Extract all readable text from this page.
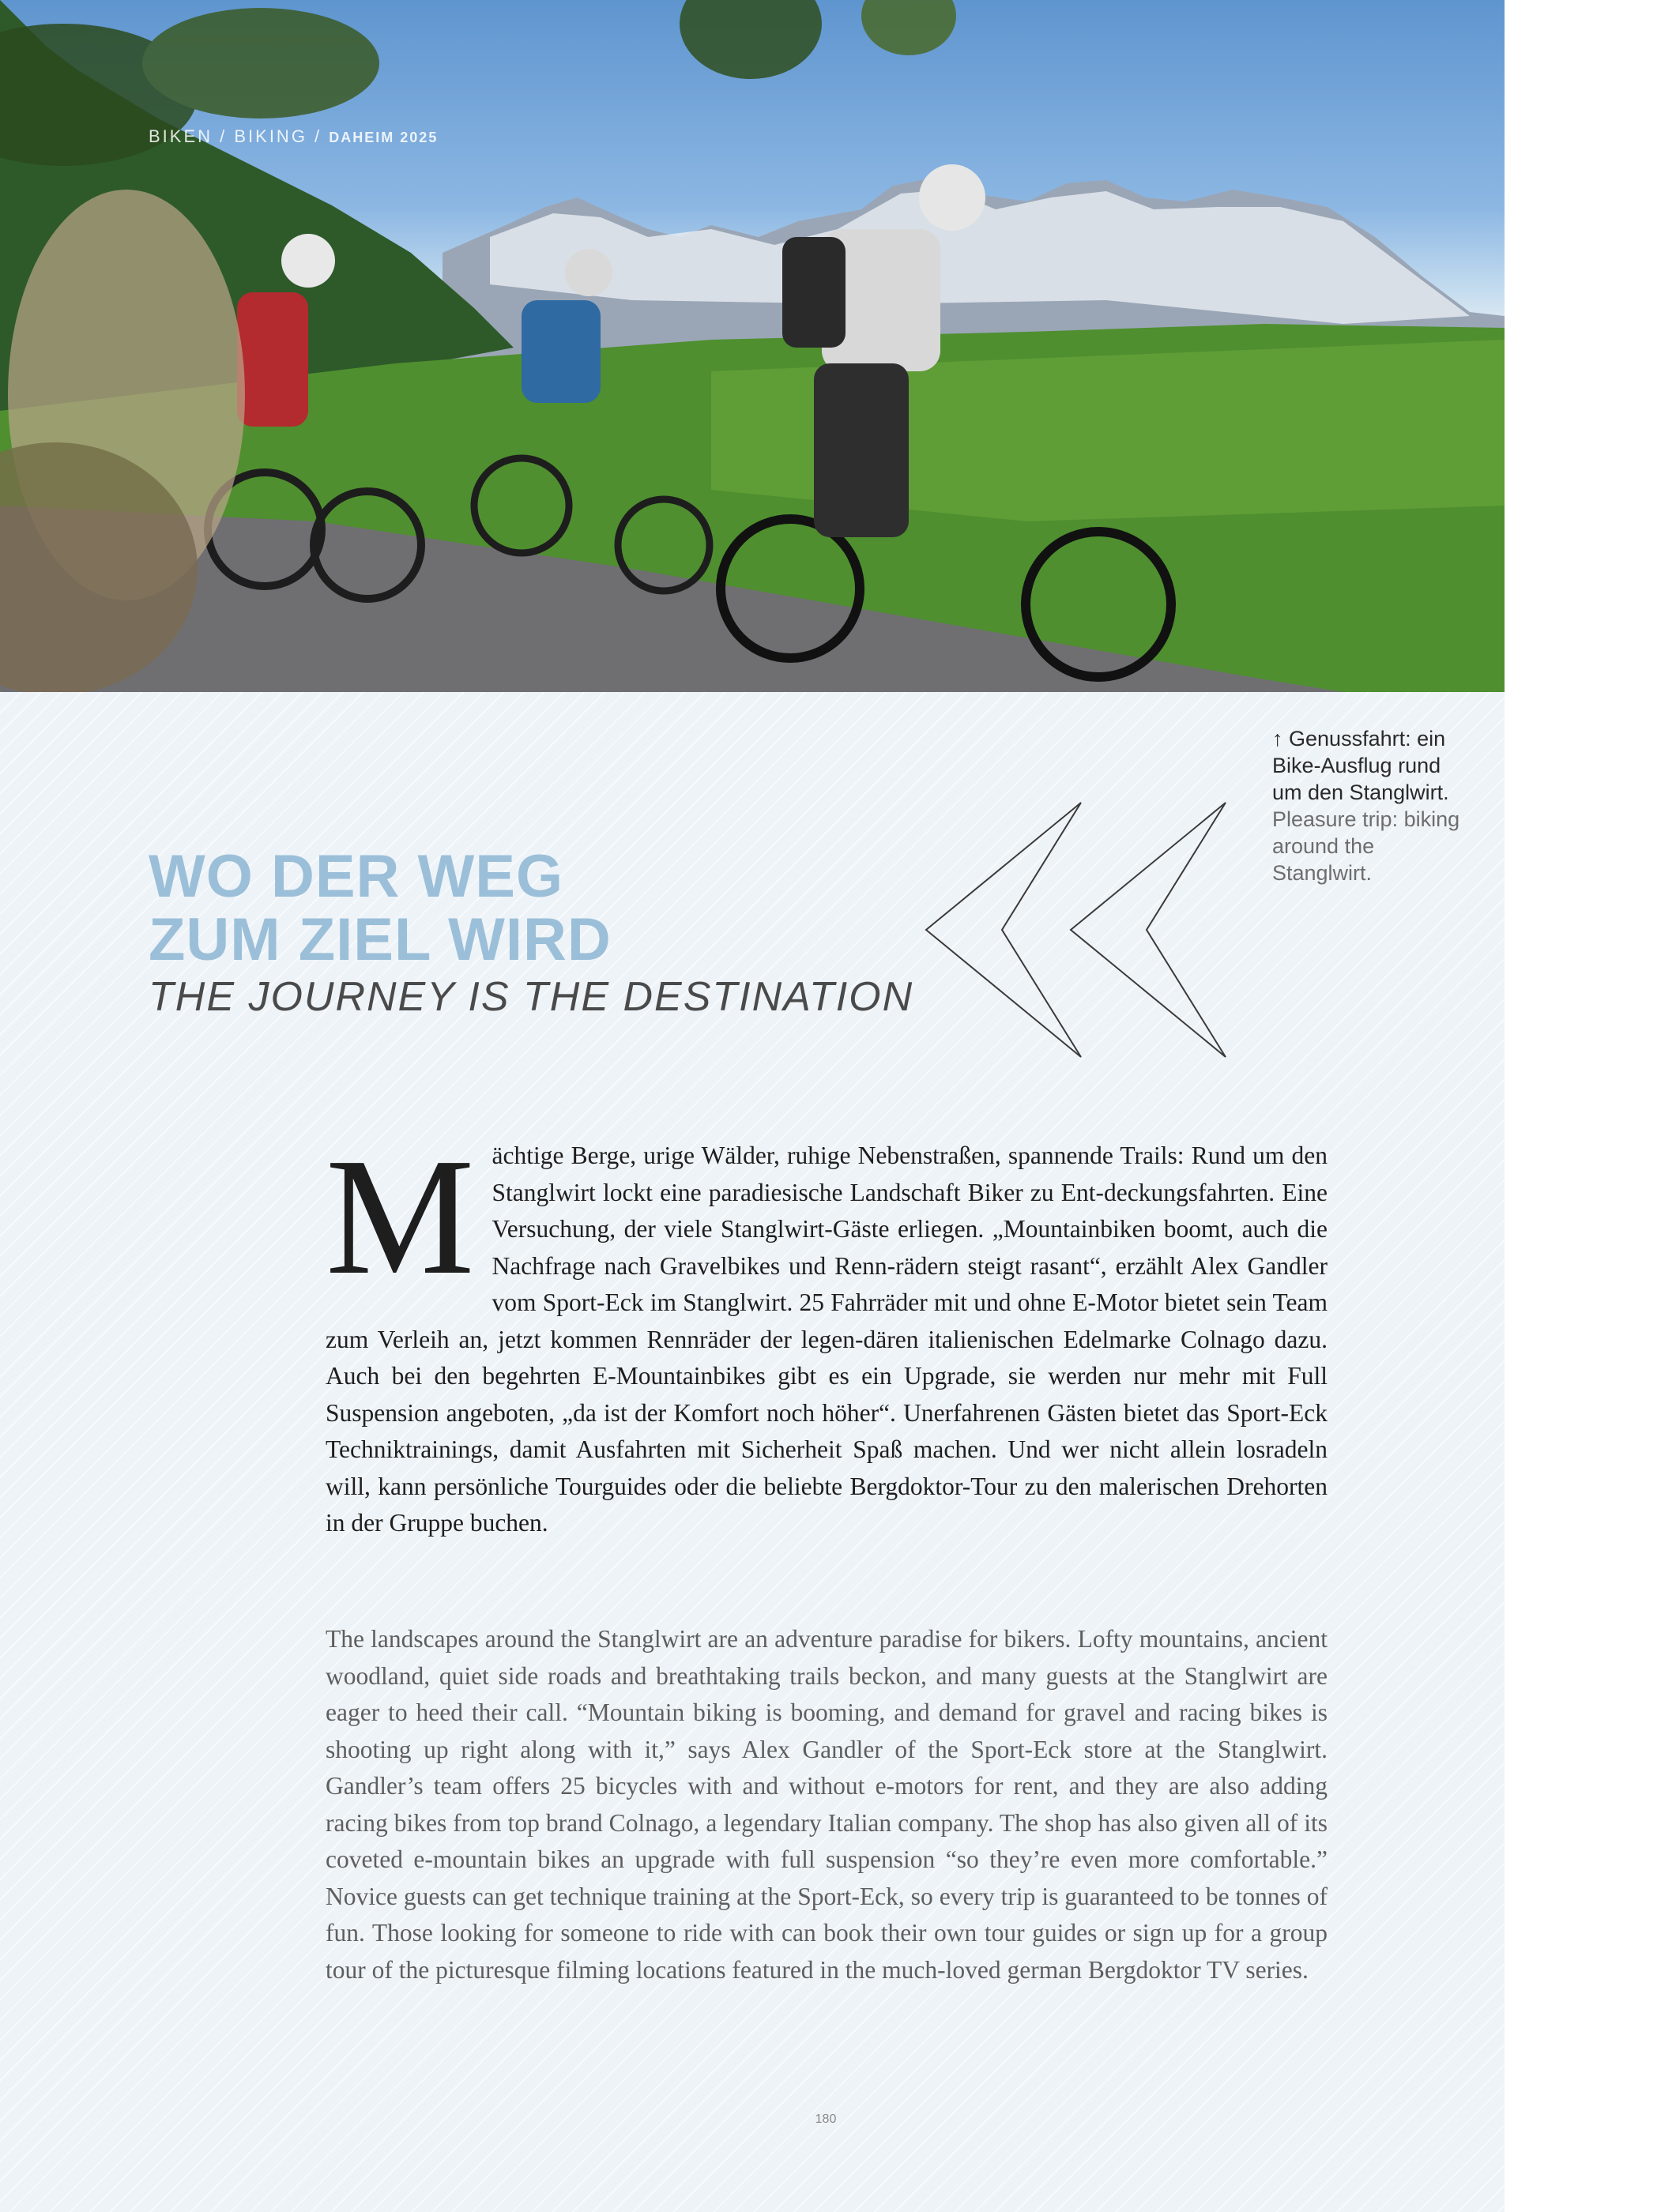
BIKEN / BIKING / DAHEIM 2025
↑ Genussfahrt: ein Bike-Ausflug rund um den Stanglwirt. Pleasure trip: biking around the Stanglwirt.
WO DER WEG
ZUM ZIEL WIRD
THE JOURNEY IS THE DESTINATION

Mächtige Berge, urige Wälder, ruhige Nebenstraßen, spannende Trails: Rund um den Stanglwirt lockt eine paradiesische Landschaft Biker zu Ent-deckungsfahrten. Eine Versuchung, der viele Stanglwirt-Gäste erliegen. „Mountainbiken boomt, auch die Nachfrage nach Gravelbikes und Renn-rädern steigt rasant“, erzählt Alex Gandler vom Sport-Eck im Stanglwirt. 25 Fahrräder mit und ohne E-Motor bietet sein Team zum Verleih an, jetzt kommen Rennräder der legen-dären italienischen Edelmarke Colnago dazu. Auch bei den begehrten E-Mountainbikes gibt es ein Upgrade, sie werden nur mehr mit Full Suspension angeboten, „da ist der Komfort noch höher“. Unerfahrenen Gästen bietet das Sport-Eck Techniktrainings, damit Ausfahrten mit Sicherheit Spaß machen. Und wer nicht allein losradeln will, kann persönliche Tourguides oder die beliebte Bergdoktor-Tour zu den malerischen Drehorten in der Gruppe buchen.

The landscapes around the Stanglwirt are an adventure paradise for bikers. Lofty mountains, ancient woodland, quiet side roads and breathtaking trails beckon, and many guests at the Stanglwirt are eager to heed their call. “Mountain biking is booming, and demand for gravel and racing bikes is shooting up right along with it,” says Alex Gandler of the Sport-Eck store at the Stanglwirt. Gandler’s team offers 25 bicycles with and without e-motors for rent, and they are also adding racing bikes from top brand Colnago, a legendary Italian company. The shop has also given all of its coveted e-mountain bikes an upgrade with full suspension “so they’re even more comfortable.” Novice guests can get technique training at the Sport-Eck, so every trip is guaranteed to be tonnes of fun. Those looking for someone to ride with can book their own tour guides or sign up for a group tour of the picturesque filming locations featured in the much-loved german Bergdoktor TV series.

180
